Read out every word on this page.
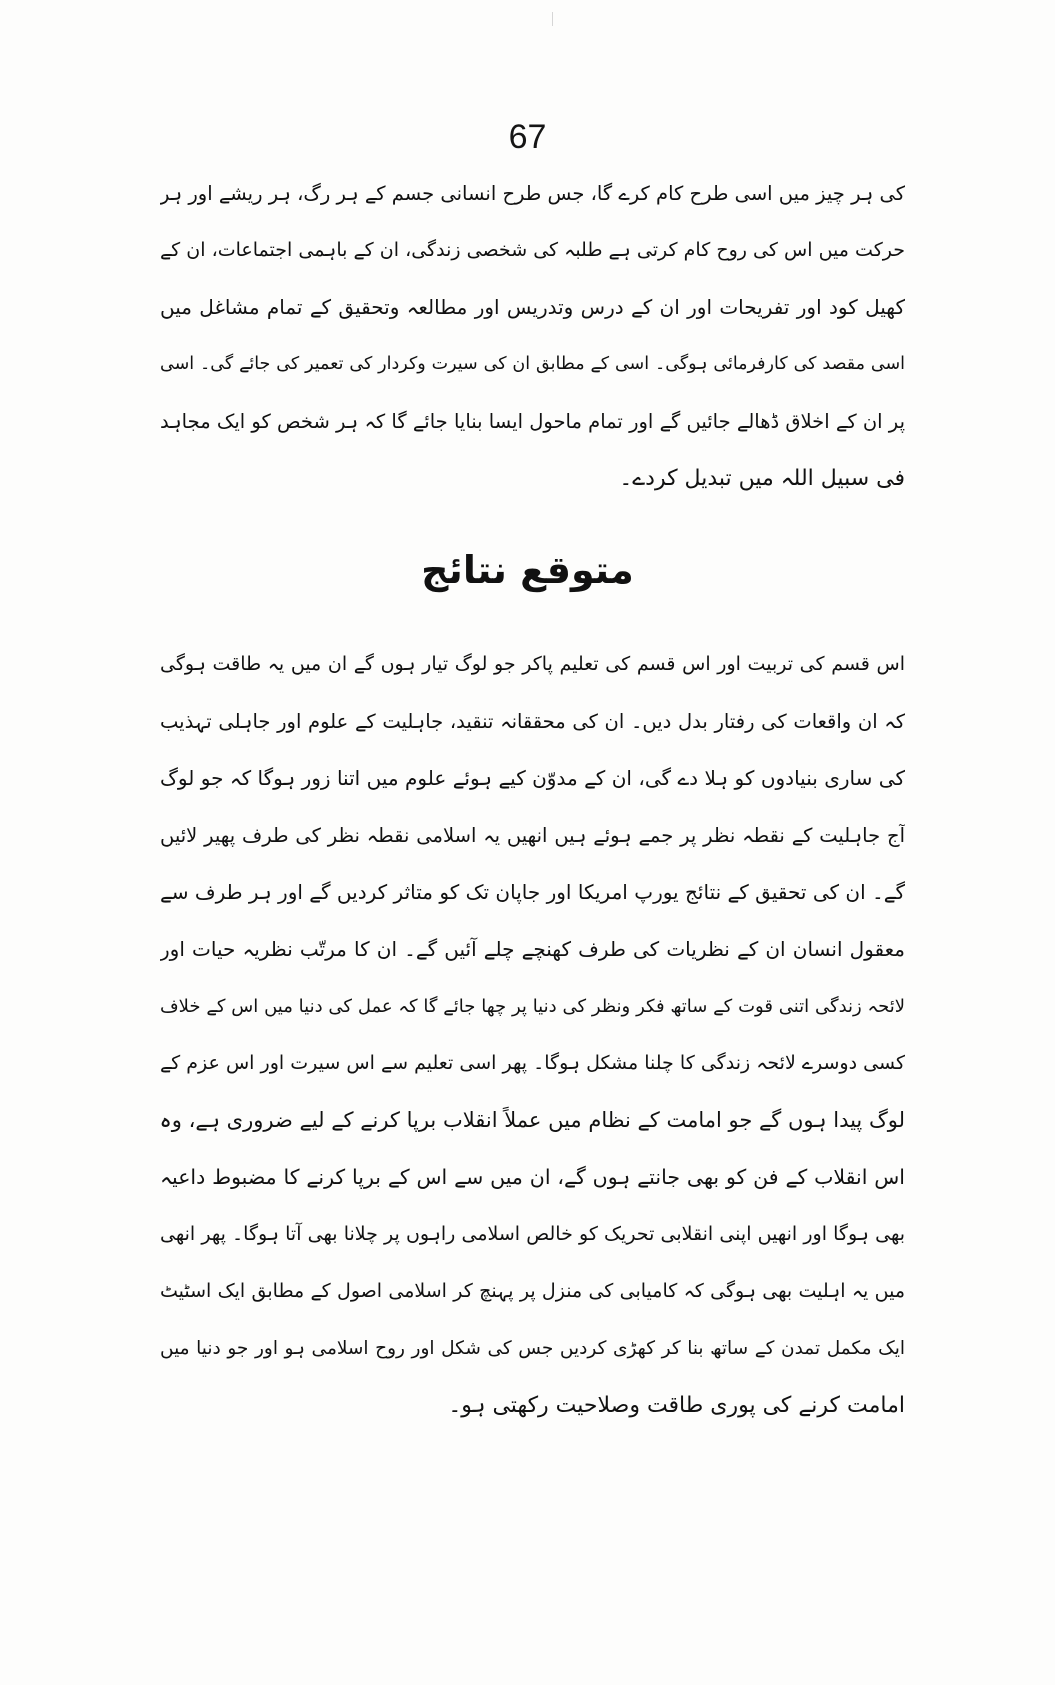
67
کی ہر چیز میں اسی طرح کام کرے گا، جس طرح انسانی جسم کے ہر رگ، ہر ریشے اور ہر
حرکت میں اس کی روح کام کرتی ہے طلبہ کی شخصی زندگی، ان کے باہمی اجتماعات، ان کے
کھیل کود اور تفریحات اور ان کے درس وتدریس اور مطالعہ وتحقیق کے تمام مشاغل میں
اسی مقصد کی کارفرمائی ہوگی۔ اسی کے مطابق ان کی سیرت وکردار کی تعمیر کی جائے گی۔ اسی
پر ان کے اخلاق ڈھالے جائیں گے اور تمام ماحول ایسا بنایا جائے گا کہ ہر شخص کو ایک مجاہد
فی سبیل اللہ میں تبدیل کردے۔
متوقع نتائج
اس قسم کی تربیت اور اس قسم کی تعلیم پاکر جو لوگ تیار ہوں گے ان میں یہ طاقت ہوگی
کہ ان واقعات کی رفتار بدل دیں۔ ان کی محققانہ تنقید، جاہلیت کے علوم اور جاہلی تہذیب
کی ساری بنیادوں کو ہلا دے گی، ان کے مدوّن کیے ہوئے علوم میں اتنا زور ہوگا کہ جو لوگ
آج جاہلیت کے نقطہ نظر پر جمے ہوئے ہیں انھیں یہ اسلامی نقطہ نظر کی طرف پھیر لائیں
گے۔ ان کی تحقیق کے نتائج یورپ امریکا اور جاپان تک کو متاثر کردیں گے اور ہر طرف سے
معقول انسان ان کے نظریات کی طرف کھنچے چلے آئیں گے۔ ان کا مرتّب نظریہ حیات اور
لائحہ زندگی اتنی قوت کے ساتھ فکر ونظر کی دنیا پر چھا جائے گا کہ عمل کی دنیا میں اس کے خلاف
کسی دوسرے لائحہ زندگی کا چلنا مشکل ہوگا۔ پھر اسی تعلیم سے اس سیرت اور اس عزم کے
لوگ پیدا ہوں گے جو امامت کے نظام میں عملاً انقلاب برپا کرنے کے لیے ضروری ہے، وہ
اس انقلاب کے فن کو بھی جانتے ہوں گے، ان میں سے اس کے برپا کرنے کا مضبوط داعیہ
بھی ہوگا اور انھیں اپنی انقلابی تحریک کو خالص اسلامی راہوں پر چلانا بھی آتا ہوگا۔ پھر انھی
میں یہ اہلیت بھی ہوگی کہ کامیابی کی منزل پر پہنچ کر اسلامی اصول کے مطابق ایک اسٹیٹ
ایک مکمل تمدن کے ساتھ بنا کر کھڑی کردیں جس کی شکل اور روح اسلامی ہو اور جو دنیا میں
امامت کرنے کی پوری طاقت وصلاحیت رکھتی ہو۔
